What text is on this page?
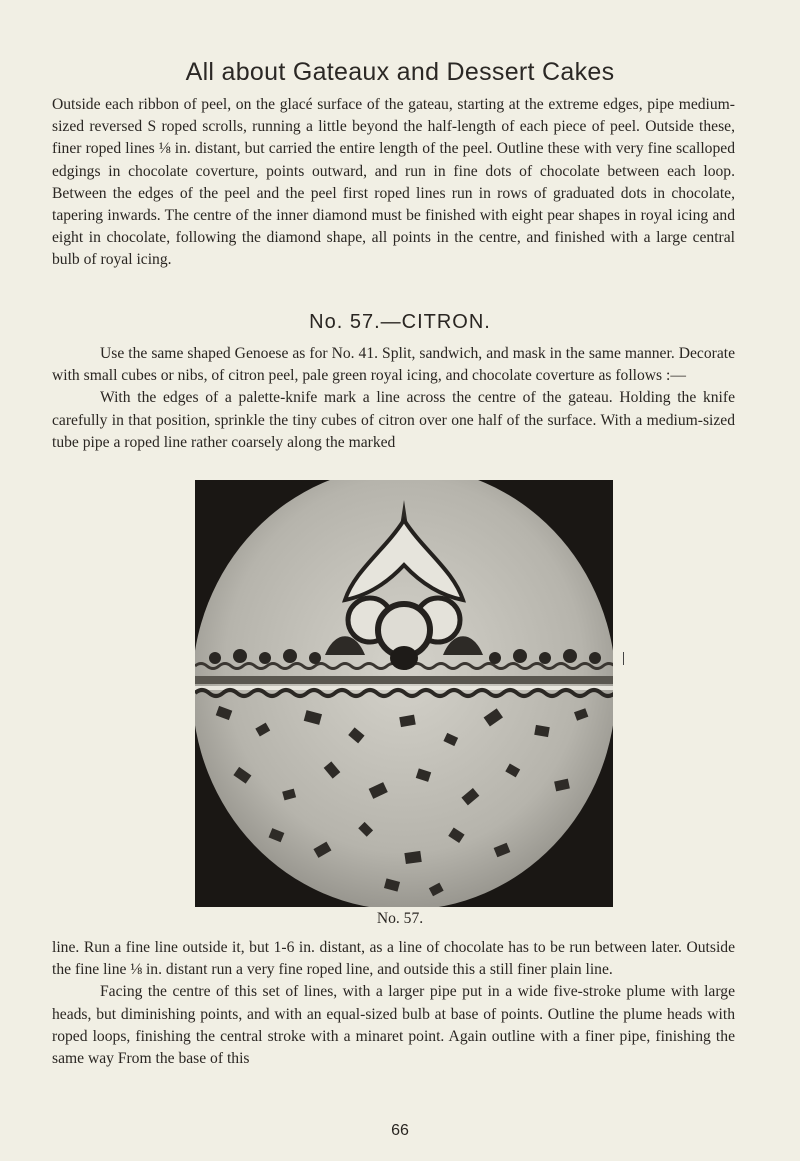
All about Gateaux and Dessert Cakes

Outside each ribbon of peel, on the glacé surface of the gateau, starting at the extreme edges, pipe medium-sized reversed S roped scrolls, running a little beyond the half-length of each piece of peel. Outside these, finer roped lines ⅛ in. distant, but carried the entire length of the peel. Outline these with very fine scalloped edgings in chocolate coverture, points outward, and run in fine dots of chocolate between each loop. Between the edges of the peel and the peel first roped lines run in rows of graduated dots in chocolate, tapering inwards. The centre of the inner diamond must be finished with eight pear shapes in royal icing and eight in chocolate, following the diamond shape, all points in the centre, and finished with a large central bulb of royal icing.

No. 57.—CITRON.

Use the same shaped Genoese as for No. 41. Split, sandwich, and mask in the same manner. Decorate with small cubes or nibs, of citron peel, pale green royal icing, and chocolate coverture as follows :—

With the edges of a palette-knife mark a line across the centre of the gateau. Holding the knife carefully in that position, sprinkle the tiny cubes of citron over one half of the surface. With a medium-sized tube pipe a roped line rather coarsely along the marked

No. 57.

line. Run a fine line outside it, but 1-6 in. distant, as a line of chocolate has to be run between later. Outside the fine line ⅛ in. distant run a very fine roped line, and outside this a still finer plain line.

Facing the centre of this set of lines, with a larger pipe put in a wide five-stroke plume with large heads, but diminishing points, and with an equal-sized bulb at base of points. Outline the plume heads with roped loops, finishing the central stroke with a minaret point. Again outline with a finer pipe, finishing the same way From the base of this

66
